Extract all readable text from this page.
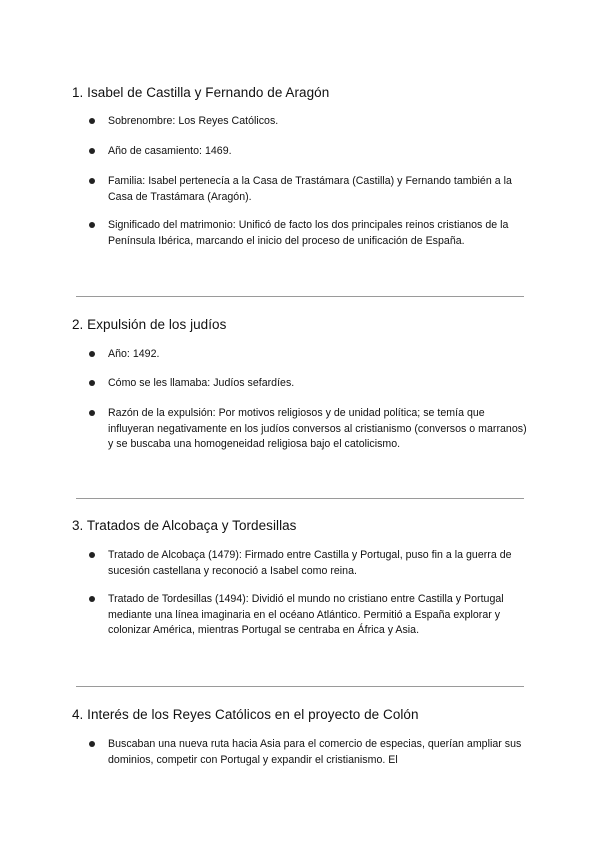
1. Isabel de Castilla y Fernando de Aragón
Sobrenombre: Los Reyes Católicos.
Año de casamiento: 1469.
Familia: Isabel pertenecía a la Casa de Trastámara (Castilla) y Fernando también a la Casa de Trastámara (Aragón).
Significado del matrimonio: Unificó de facto los dos principales reinos cristianos de la Península Ibérica, marcando el inicio del proceso de unificación de España.
2. Expulsión de los judíos
Año: 1492.
Cómo se les llamaba: Judíos sefardíes.
Razón de la expulsión: Por motivos religiosos y de unidad política; se temía que influyeran negativamente en los judíos conversos al cristianismo (conversos o marranos) y se buscaba una homogeneidad religiosa bajo el catolicismo.
3. Tratados de Alcobaça y Tordesillas
Tratado de Alcobaça (1479): Firmado entre Castilla y Portugal, puso fin a la guerra de sucesión castellana y reconoció a Isabel como reina.
Tratado de Tordesillas (1494): Dividió el mundo no cristiano entre Castilla y Portugal mediante una línea imaginaria en el océano Atlántico. Permitió a España explorar y colonizar América, mientras Portugal se centraba en África y Asia.
4. Interés de los Reyes Católicos en el proyecto de Colón
Buscaban una nueva ruta hacia Asia para el comercio de especias, querían ampliar sus dominios, competir con Portugal y expandir el cristianismo. El
